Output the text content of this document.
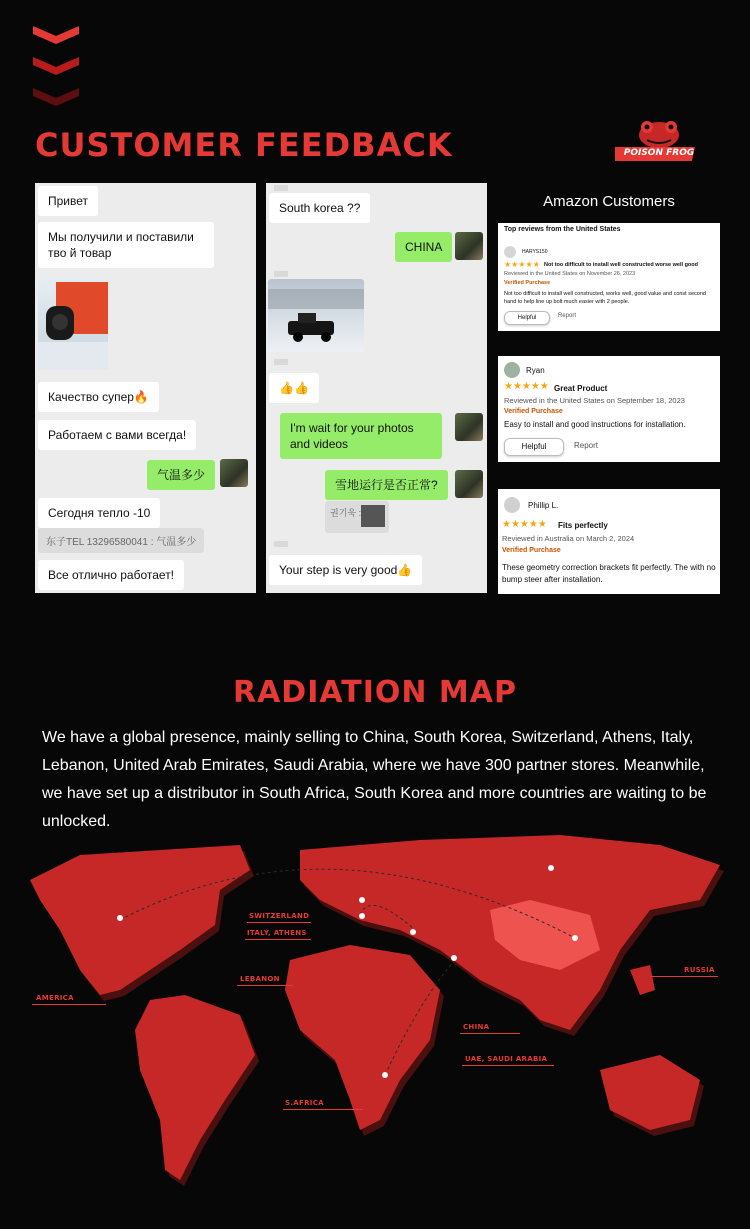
CUSTOMER FEEDBACK	POISON FROG
Привет
Мы получили и поставили тво й товар
Качество супер🔥
Работаем с вами всегда!
气温多少
Сегодня тепло -10
东子TEL 13296580041 : 气温多少
Все отлично работает!
South korea ??
CHINA
👍👍
I'm wait for your photos and videos
雪地运行是否正常?
권기욱 :
Your step is very good👍
Amazon Customers
Top reviews from the United States
HARYS150
★★★★★ Not too difficult to install well constructed worse well good
Reviewed in the United States on November 26, 2023
Verified Purchase
Not too difficult to install well constructed, works well, good value and const second hand to help line up bolt much easier with 2 people.
Helpful	Report
Ryan
★★★★★ Great Product
Reviewed in the United States on September 18, 2023
Verified Purchase
Easy to install and good instructions for installation.
Helpful	Report
Phillip L.
★★★★★ Fits perfectly
Reviewed in Australia on March 2, 2024
Verified Purchase
These geometry correction brackets fit perfectly. The with no bump steer after installation.
RADIATION MAP
We have a global presence, mainly selling to China, South Korea, Switzerland, Athens, Italy, Lebanon, United Arab Emirates, Saudi Arabia, where we have 300 partner stores. Meanwhile, we have set up a distributor in South Africa, South Korea and more countries are waiting to be unlocked.
SWITZERLAND
ITALY, ATHENS
LEBANON
AMERICA
RUSSIA
CHINA
UAE, SAUDI ARABIA
S.AFRICA
